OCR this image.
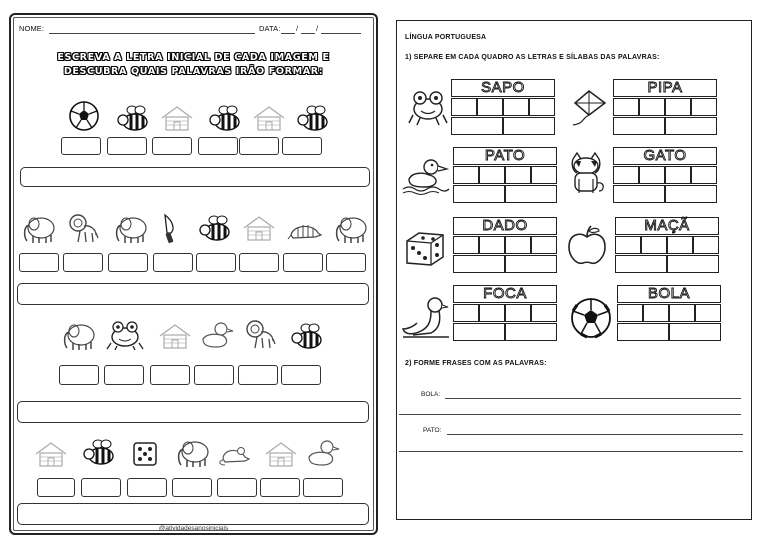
NOME:	DATA: / /
ESCREVA A LETRA INICIAL DE CADA IMAGEM E
DESCUBRA QUAIS PALAVRAS IRÃO FORMAR:
@atividadesanosiniciais
LÍNGUA PORTUGUESA
1) SEPARE EM CADA QUADRO AS LETRAS E SÍLABAS DAS PALAVRAS:
SAPO	PIPA
PATO	GATO
DADO	MAÇÃ
FOCA	BOLA
2) FORME FRASES COM AS PALAVRAS:
BOLA:
PATO:
